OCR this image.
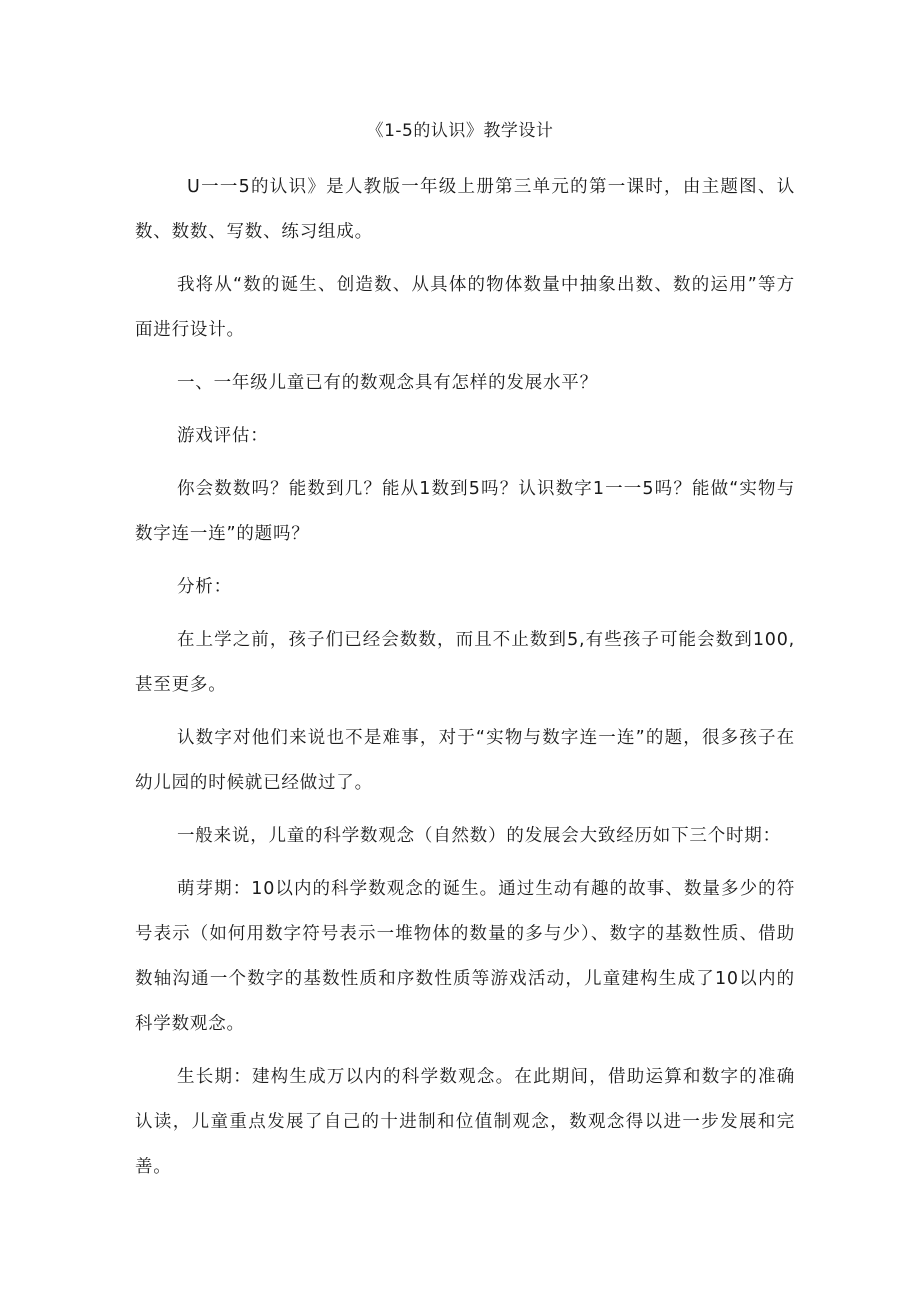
《1-5的认识》教学设计

U一一5的认识》是人教版一年级上册第三单元的第一课时，由主题图、认数、数数、写数、练习组成。

我将从“数的诞生、创造数、从具体的物体数量中抽象出数、数的运用”等方面进行设计。

一、一年级儿童已有的数观念具有怎样的发展水平？

游戏评估：

你会数数吗？能数到几？能从1数到5吗？认识数字1一一5吗？能做“实物与数字连一连”的题吗？

分析：

在上学之前，孩子们已经会数数，而且不止数到5,有些孩子可能会数到100,甚至更多。

认数字对他们来说也不是难事，对于“实物与数字连一连”的题，很多孩子在幼儿园的时候就已经做过了。

一般来说，儿童的科学数观念（自然数）的发展会大致经历如下三个时期：

萌芽期：10以内的科学数观念的诞生。通过生动有趣的故事、数量多少的符号表示（如何用数字符号表示一堆物体的数量的多与少）、数字的基数性质、借助数轴沟通一个数字的基数性质和序数性质等游戏活动，儿童建构生成了10以内的科学数观念。

生长期：建构生成万以内的科学数观念。在此期间，借助运算和数字的准确认读，儿童重点发展了自己的十进制和位值制观念，数观念得以进一步发展和完善。
